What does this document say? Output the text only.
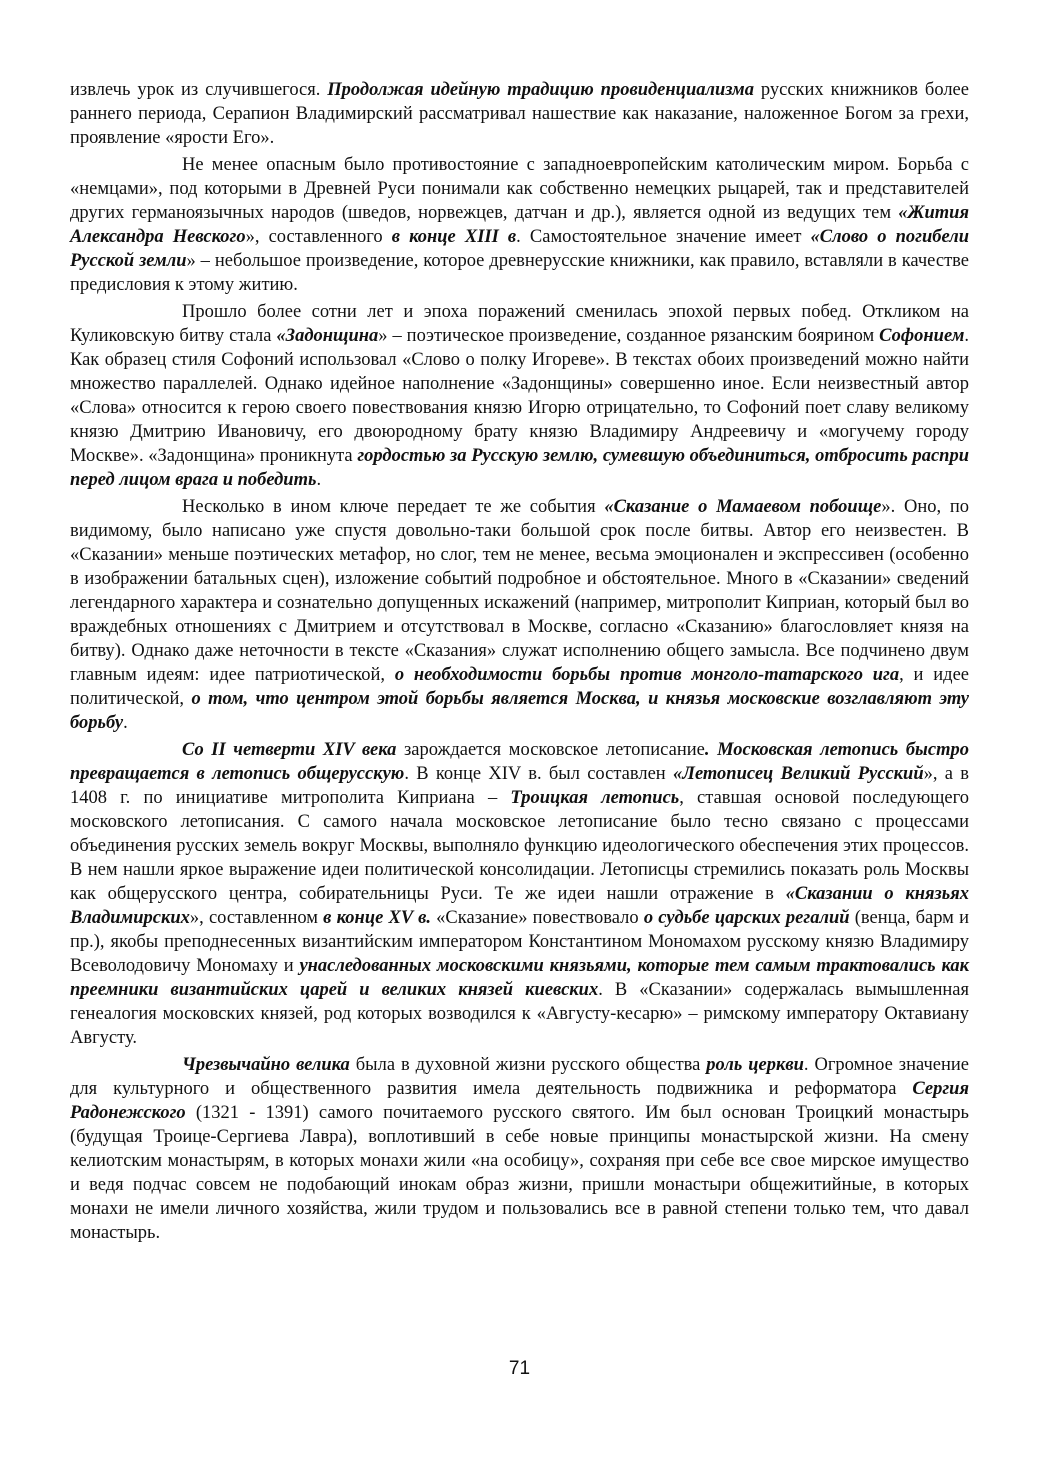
извлечь урок из случившегося. Продолжая идейную традицию провиденциализма русских книжников более раннего периода, Серапион Владимирский рассматривал нашествие как наказание, наложенное Богом за грехи, проявление «ярости Его».

Не менее опасным было противостояние с западноевропейским католическим миром. Борьба с «немцами», под которыми в Древней Руси понимали как собственно немецких рыцарей, так и представителей других германоязычных народов (шведов, норвежцев, датчан и др.), является одной из ведущих тем «Жития Александра Невского», составленного в конце XIII в. Самостоятельное значение имеет «Слово о погибели Русской земли» – небольшое произведение, которое древнерусские книжники, как правило, вставляли в качестве предисловия к этому житию.

Прошло более сотни лет и эпоха поражений сменилась эпохой первых побед. Откликом на Куликовскую битву стала «Задонщина» – поэтическое произведение, созданное рязанским боярином Софонием. Как образец стиля Софоний использовал «Слово о полку Игореве». В текстах обоих произведений можно найти множество параллелей. Однако идейное наполнение «Задонщины» совершенно иное. Если неизвестный автор «Слова» относится к герою своего повествования князю Игорю отрицательно, то Софоний поет славу великому князю Дмитрию Ивановичу, его двоюродному брату князю Владимиру Андреевичу и «могучему городу Москве». «Задонщина» проникнута гордостью за Русскую землю, сумевшую объединиться, отбросить распри перед лицом врага и победить.

Несколько в ином ключе передает те же события «Сказание о Мамаевом побоище». Оно, по видимому, было написано уже спустя довольно-таки большой срок после битвы. Автор его неизвестен. В «Сказании» меньше поэтических метафор, но слог, тем не менее, весьма эмоционален и экспрессивен (особенно в изображении батальных сцен), изложение событий подробное и обстоятельное. Много в «Сказании» сведений легендарного характера и сознательно допущенных искажений (например, митрополит Киприан, который был во враждебных отношениях с Дмитрием и отсутствовал в Москве, согласно «Сказанию» благословляет князя на битву). Однако даже неточности в тексте «Сказания» служат исполнению общего замысла. Все подчинено двум главным идеям: идее патриотической, о необходимости борьбы против монголо-татарского ига, и идее политической, о том, что центром этой борьбы является Москва, и князья московские возглавляют эту борьбу.

Со II четверти XIV века зарождается московское летописание. Московская летопись быстро превращается в летопись общерусскую. В конце XIV в. был составлен «Летописец Великий Русский», а в 1408 г. по инициативе митрополита Киприана – Троицкая летопись, ставшая основой последующего московского летописания. С самого начала московское летописание было тесно связано с процессами объединения русских земель вокруг Москвы, выполняло функцию идеологического обеспечения этих процессов. В нем нашли яркое выражение идеи политической консолидации. Летописцы стремились показать роль Москвы как общерусского центра, собирательницы Руси. Те же идеи нашли отражение в «Сказании о князьях Владимирских», составленном в конце XV в. «Сказание» повествовало о судьбе царских регалий (венца, барм и пр.), якобы преподнесенных византийским императором Константином Мономахом русскому князю Владимиру Всеволодовичу Мономаху и унаследованных московскими князьями, которые тем самым трактовались как преемники византийских царей и великих князей киевских. В «Сказании» содержалась вымышленная генеалогия московских князей, род которых возводился к «Августу-кесарю» – римскому императору Октавиану Августу.

Чрезвычайно велика была в духовной жизни русского общества роль церкви. Огромное значение для культурного и общественного развития имела деятельность подвижника и реформатора Сергия Радонежского (1321 - 1391) самого почитаемого русского святого. Им был основан Троицкий монастырь (будущая Троице-Сергиева Лавра), воплотивший в себе новые принципы монастырской жизни. На смену келиотским монастырям, в которых монахи жили «на особицу», сохраняя при себе все свое мирское имущество и ведя подчас совсем не подобающий инокам образ жизни, пришли монастыри общежитийные, в которых монахи не имели личного хозяйства, жили трудом и пользовались все в равной степени только тем, что давал монастырь.

71
